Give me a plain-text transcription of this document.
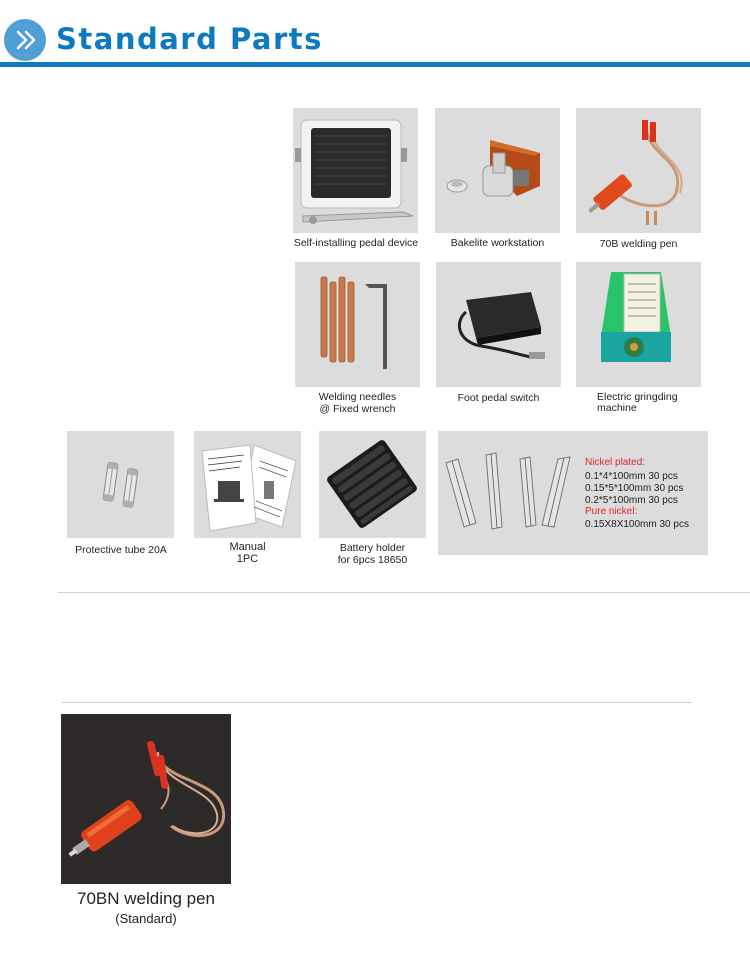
Standard Parts
Self-installing pedal device	Bakelite workstation	70B welding pen
Welding needles
@ Fixed wrench
Foot pedal switch	Electric gringding
machine
Protective tube 20A	Manual
1PC
Battery holder
for 6pcs 18650
Nickel plated:
0.1*4*100mm 30 pcs
0.15*5*100mm 30 pcs
0.2*5*100mm 30 pcs
Pure nickel:
0.15X8X100mm 30 pcs
70BN welding pen
(Standard)
